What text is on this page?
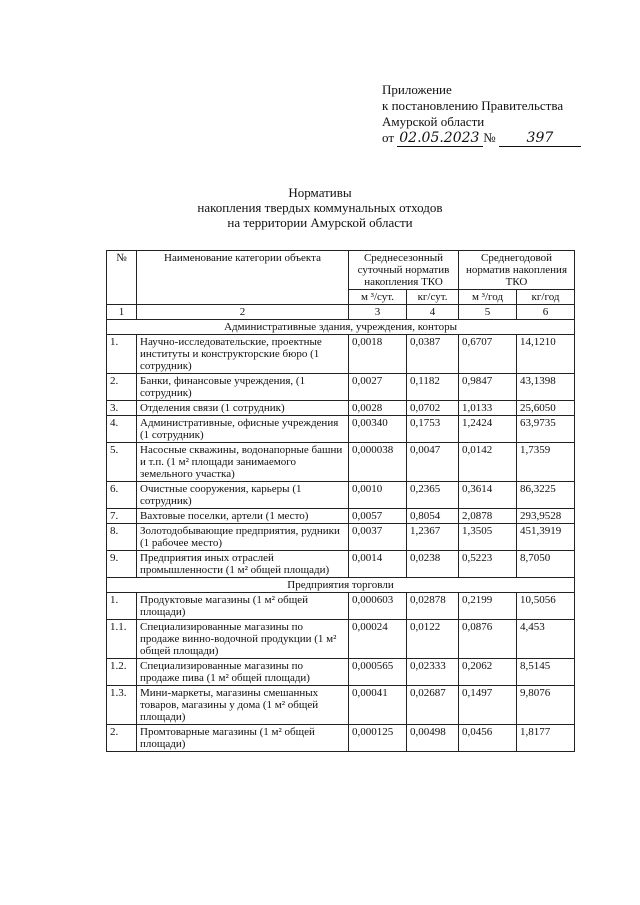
Приложение
к постановлению Правительства
Амурской области
от 02.05.2023 № 397
Нормативы
накопления твердых коммунальных отходов
на территории Амурской области
№	Наименование категории объекта	Среднесезонный суточный норматив накопления ТКО		Среднегодовой норматив накопления ТКО	
		м ³/сут.	кг/сут.	м ³/год	кг/год
1	2	3	4	5	6
Административные здания, учреждения, конторы					
1.	Научно-исследовательские, проектные институты и конструкторские бюро (1 сотрудник)	0,0018	0,0387	0,6707	14,1210
2.	Банки, финансовые учреждения, (1 сотрудник)	0,0027	0,1182	0,9847	43,1398
3.	Отделения связи (1 сотрудник)	0,0028	0,0702	1,0133	25,6050
4.	Административные, офисные учреждения (1 сотрудник)	0,00340	0,1753	1,2424	63,9735
5.	Насосные скважины, водонапорные башни и т.п. (1 м² площади занимаемого земельного участка)	0,000038	0,0047	0,0142	1,7359
6.	Очистные сооружения, карьеры (1 сотрудник)	0,0010	0,2365	0,3614	86,3225
7.	Вахтовые поселки, артели (1 место)	0,0057	0,8054	2,0878	293,9528
8.	Золотодобывающие предприятия, рудники (1 рабочее место)	0,0037	1,2367	1,3505	451,3919
9.	Предприятия иных отраслей промышленности (1 м² общей площади)	0,0014	0,0238	0,5223	8,7050
Предприятия торговли					
1.	Продуктовые магазины (1 м² общей площади)	0,000603	0,02878	0,2199	10,5056
1.1.	Специализированные магазины по продаже винно-водочной продукции (1 м² общей площади)	0,00024	0,0122	0,0876	4,453
1.2.	Специализированные магазины по продаже пива (1 м² общей площади)	0,000565	0,02333	0,2062	8,5145
1.3.	Мини-маркеты, магазины смешанных товаров, магазины у дома (1 м² общей площади)	0,00041	0,02687	0,1497	9,8076
2.	Промтоварные магазины (1 м² общей площади)	0,000125	0,00498	0,0456	1,8177
